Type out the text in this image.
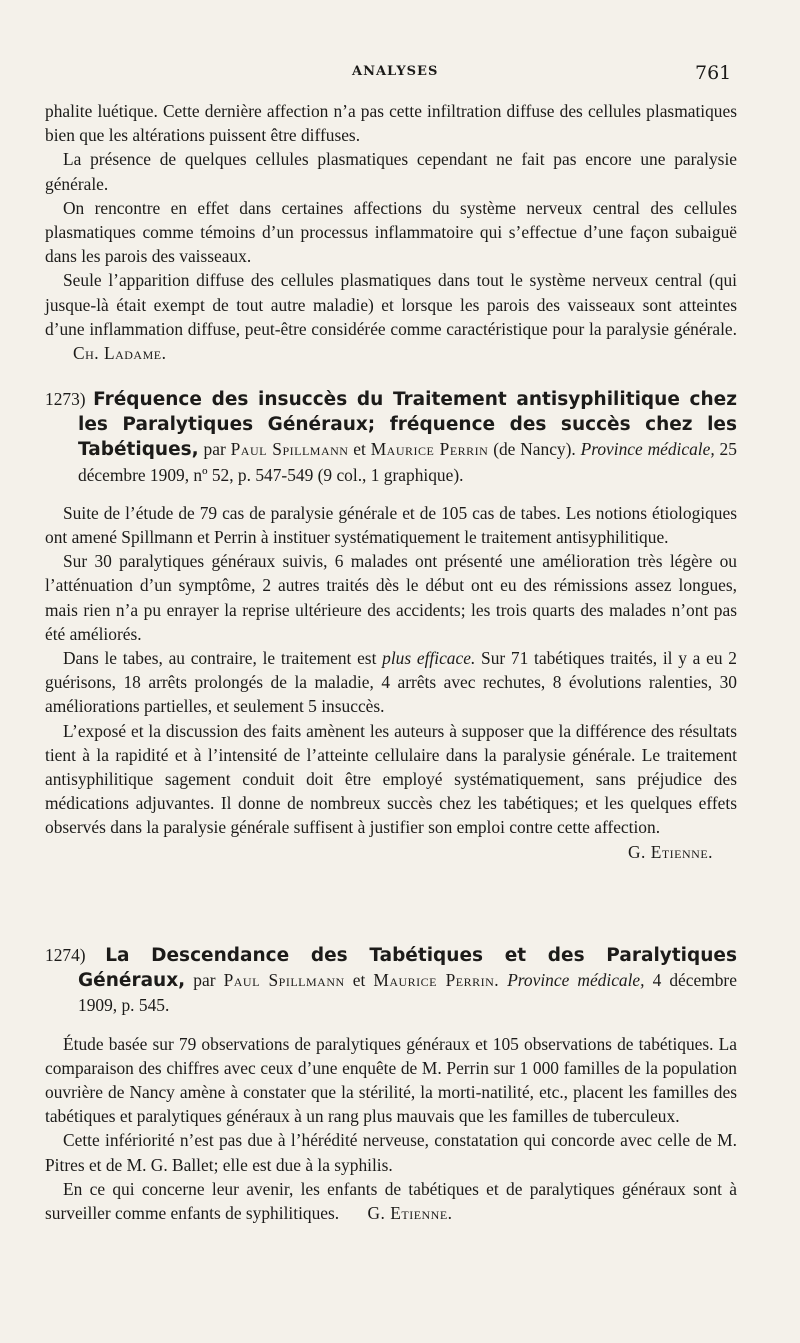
ANALYSES	761

phalite luétique. Cette dernière affection n’a pas cette infiltration diffuse des cellules plasmatiques bien que les altérations puissent être diffuses.

La présence de quelques cellules plasmatiques cependant ne fait pas encore une paralysie générale.

On rencontre en effet dans certaines affections du système nerveux central des cellules plasmatiques comme témoins d’un processus inflammatoire qui s’effectue d’une façon subaiguë dans les parois des vaisseaux.

Seule l’apparition diffuse des cellules plasmatiques dans tout le système nerveux central (qui jusque-là était exempt de tout autre maladie) et lorsque les parois des vaisseaux sont atteintes d’une inflammation diffuse, peut-être considérée comme caractéristique pour la paralysie générale. Ch. Ladame.

1273) Fréquence des insuccès du Traitement antisyphilitique chez les Paralytiques Généraux; fréquence des succès chez les Tabétiques, par Paul Spillmann et Maurice Perrin (de Nancy). Province médicale, 25 décembre 1909, nº 52, p. 547-549 (9 col., 1 graphique).

Suite de l’étude de 79 cas de paralysie générale et de 105 cas de tabes. Les notions étiologiques ont amené Spillmann et Perrin à instituer systématiquement le traitement antisyphilitique.

Sur 30 paralytiques généraux suivis, 6 malades ont présenté une amélioration très légère ou l’atténuation d’un symptôme, 2 autres traités dès le début ont eu des rémissions assez longues, mais rien n’a pu enrayer la reprise ultérieure des accidents; les trois quarts des malades n’ont pas été améliorés.

Dans le tabes, au contraire, le traitement est plus efficace. Sur 71 tabétiques traités, il y a eu 2 guérisons, 18 arrêts prolongés de la maladie, 4 arrêts avec rechutes, 8 évolutions ralenties, 30 améliorations partielles, et seulement 5 insuccès.

L’exposé et la discussion des faits amènent les auteurs à supposer que la différence des résultats tient à la rapidité et à l’intensité de l’atteinte cellulaire dans la paralysie générale. Le traitement antisyphilitique sagement conduit doit être employé systématiquement, sans préjudice des médications adjuvantes. Il donne de nombreux succès chez les tabétiques; et les quelques effets observés dans la paralysie générale suffisent à justifier son emploi contre cette affection.

G. Etienne.

1274) La Descendance des Tabétiques et des Paralytiques Généraux, par Paul Spillmann et Maurice Perrin. Province médicale, 4 décembre 1909, p. 545.

Étude basée sur 79 observations de paralytiques généraux et 105 observations de tabétiques. La comparaison des chiffres avec ceux d’une enquête de M. Perrin sur 1 000 familles de la population ouvrière de Nancy amène à constater que la stérilité, la morti-natilité, etc., placent les familles des tabétiques et paralytiques généraux à un rang plus mauvais que les familles de tuberculeux.

Cette infériorité n’est pas due à l’hérédité nerveuse, constatation qui concorde avec celle de M. Pitres et de M. G. Ballet; elle est due à la syphilis.

En ce qui concerne leur avenir, les enfants de tabétiques et de paralytiques généraux sont à surveiller comme enfants de syphilitiques. G. Etienne.
